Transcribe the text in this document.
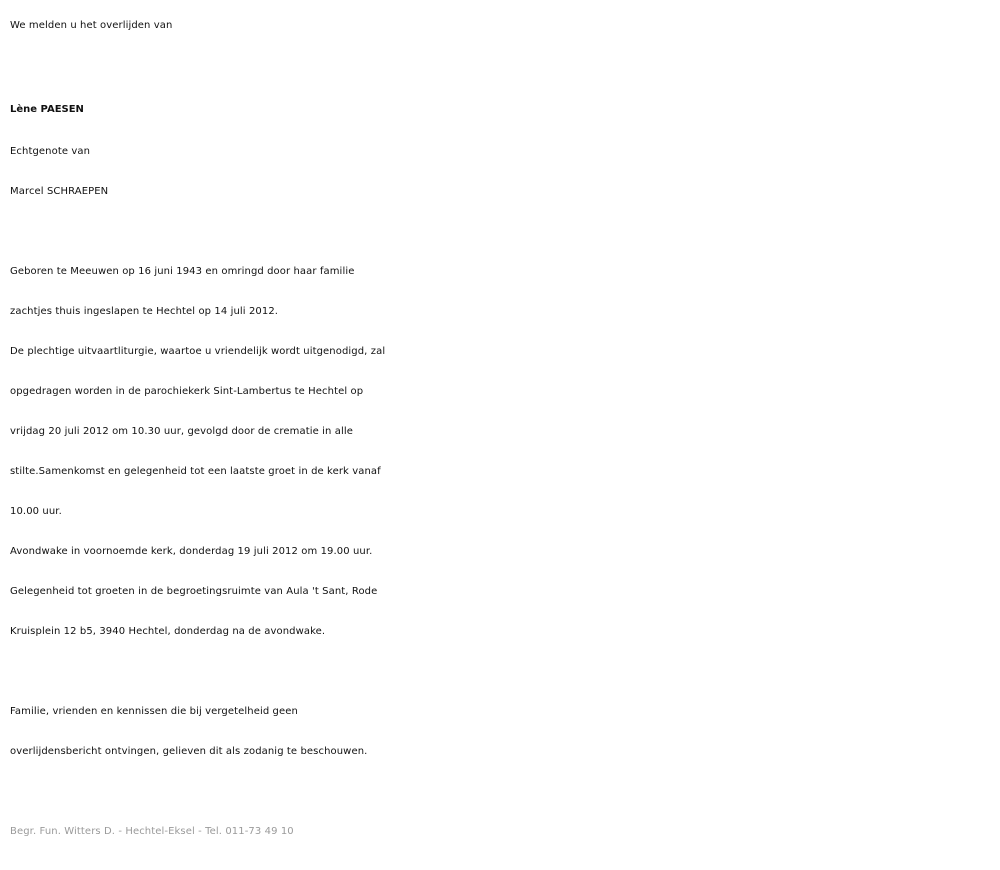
We melden u het overlijden van
Lène PAESEN
Echtgenote van
Marcel SCHRAEPEN
Geboren te Meeuwen op 16 juni 1943 en omringd door haar familie
zachtjes thuis ingeslapen te Hechtel op 14 juli 2012.
De plechtige uitvaartliturgie, waartoe u vriendelijk wordt uitgenodigd, zal
opgedragen worden in de parochiekerk Sint-Lambertus te Hechtel op
vrijdag 20 juli 2012 om 10.30 uur, gevolgd door de crematie in alle
stilte.Samenkomst en gelegenheid tot een laatste groet in de kerk vanaf
10.00 uur.
Avondwake in voornoemde kerk, donderdag 19 juli 2012 om 19.00 uur.
Gelegenheid tot groeten in de begroetingsruimte van Aula 't Sant, Rode
Kruisplein 12 b5, 3940 Hechtel, donderdag na de avondwake.
Familie, vrienden en kennissen die bij vergetelheid geen
overlijdensbericht ontvingen, gelieven dit als zodanig te beschouwen.
Begr. Fun. Witters D. - Hechtel-Eksel - Tel. 011-73 49 10
